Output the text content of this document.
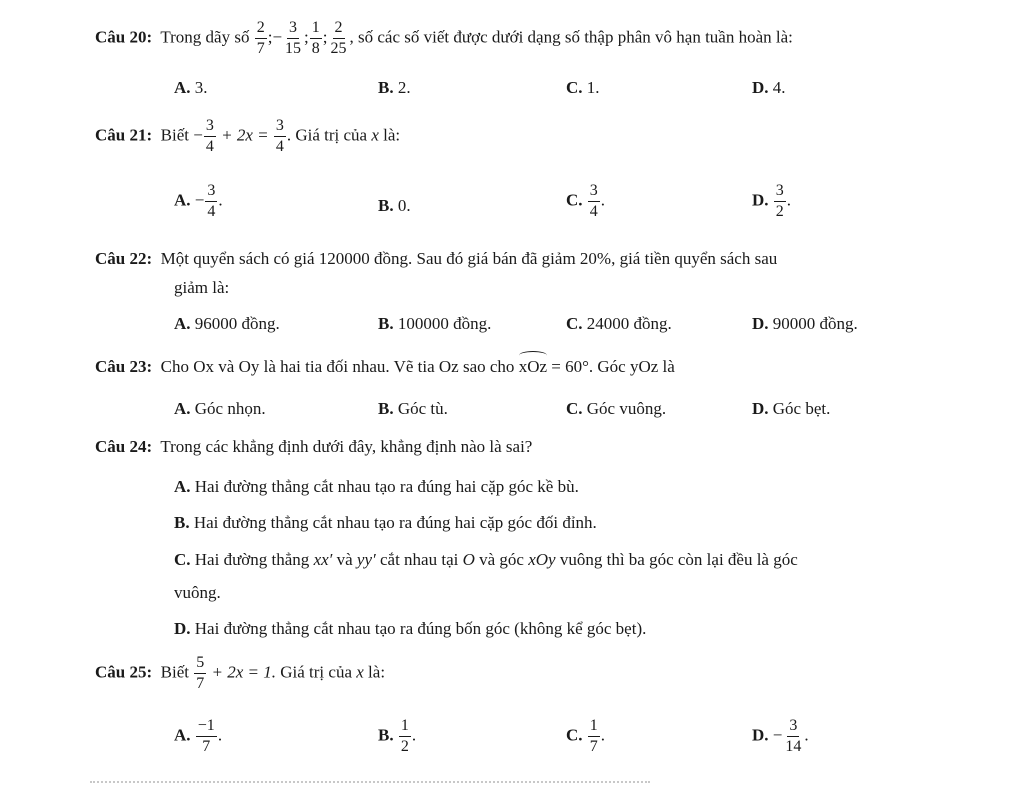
Câu 20: Trong dãy số $\frac{2}{7}$ ;− $\frac{3}{15}$ ; $\frac{1}{8}$ ; $\frac{2}{25}$ , số các số viết được dưới dạng số thập phân vô hạn tuần hoàn là:
A. 3.	B. 2.	C. 1.	D. 4.
Câu 21: Biết − $\frac{3}{4} + 2x = \frac{3}{4}$ . Giá trị của x là:
A. − $\frac{3}{4}$ .	B. 0.	C. $\frac{3}{4}$ .	D. $\frac{3}{2}$ .
Câu 22: Một quyển sách có giá 120000 đồng. Sau đó giá bán đã giảm 20%, giá tiền quyển sách sau
giảm là:
A. 96000 đồng.	B. 100000 đồng.	C. 24000 đồng.	D. 90000 đồng.
Câu 23: Cho Ox và Oy là hai tia đối nhau. Vẽ tia Oz sao cho xOz = 60°. Góc yOz là
A. Góc nhọn.	B. Góc tù.	C. Góc vuông.	D. Góc bẹt.
Câu 24: Trong các khẳng định dưới đây, khẳng định nào là sai?
A. Hai đường thẳng cắt nhau tạo ra đúng hai cặp góc kề bù.
B. Hai đường thẳng cắt nhau tạo ra đúng hai cặp góc đối đỉnh.
C. Hai đường thẳng xx′ và yy′ cắt nhau tại O và góc xOy vuông thì ba góc còn lại đều là góc
vuông.
D. Hai đường thẳng cắt nhau tạo ra đúng bốn góc (không kể góc bẹt).
Câu 25: Biết $\frac{5}{7} + 2x = 1$. Giá trị của x là:
A. $\frac{-1}{7}$ .	B. $\frac{1}{2}$ .	C. $\frac{1}{7}$ .	D. − $\frac{3}{14}$ .
